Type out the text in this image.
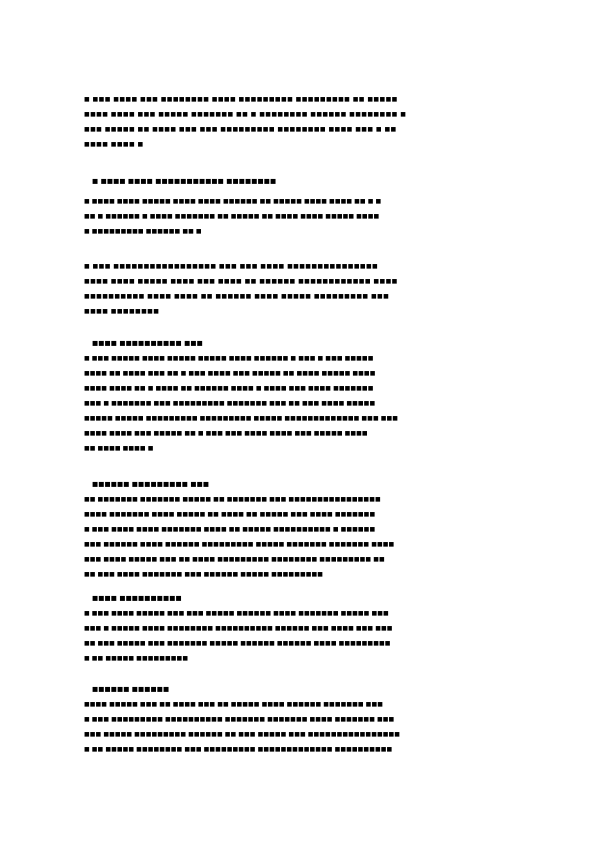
■ ■■■ ■■■■ ■■■ ■■■■■■■■ ■■■■ ■■■■■■■■■ ■■■■■■■■■ ■■ ■■■■■
■■■■ ■■■■ ■■■ ■■■■■ ■■■■■■■ ■■ ■ ■■■■■■■■ ■■■■■■ ■■■■■■■■ ■
■■■ ■■■■■ ■■ ■■■■ ■■■ ■■■ ■■■■■■■■■ ■■■■■■■■ ■■■■ ■■■ ■ ■■
■■■■ ■■■■ ■
■ ■■■■ ■■■■ ■■■■■■■■■■■ ■■■■■■■■
■ ■■■■ ■■■■ ■■■■■ ■■■■ ■■■■ ■■■■■■ ■■ ■■■■■ ■■■■ ■■■■ ■■ ■ ■
■■ ■ ■■■■■■ ■ ■■■■ ■■■■■■■ ■■ ■■■■■ ■■ ■■■■ ■■■■ ■■■■■ ■■■■
■ ■■■■■■■■■ ■■■■■■ ■■ ■
■ ■■■ ■■■■■■■■■■■■■■■■■ ■■■ ■■■ ■■■■ ■■■■■■■■■■■■■■■
■■■■ ■■■■ ■■■■■ ■■■■ ■■■ ■■■■ ■■ ■■■■■■ ■■■■■■■■■■■■ ■■■■
■■■■■■■■■■ ■■■■ ■■■■ ■■ ■■■■■■ ■■■■ ■■■■■ ■■■■■■■■■ ■■■
■■■■ ■■■■■■■■
■■■■ ■■■■■■■■■■ ■■■
■ ■■■ ■■■■■ ■■■■ ■■■■■ ■■■■■ ■■■■ ■■■■■■ ■ ■■■ ■ ■■■ ■■■■■
■■■■ ■■ ■■■■ ■■■ ■■ ■ ■■■ ■■■■ ■■■ ■■■■■ ■■ ■■■■ ■■■■■ ■■■■
■■■■ ■■■■ ■■ ■ ■■■■ ■■ ■■■■■■ ■■■■ ■ ■■■■ ■■■ ■■■■ ■■■■■■■
■■■ ■ ■■■■■■■ ■■■ ■■■■■■■■■ ■■■■■■■ ■■■ ■■ ■■■ ■■■■ ■■■■■
■■■■■ ■■■■■ ■■■■■■■■■ ■■■■■■■■■ ■■■■■ ■■■■■■■■■■■■■ ■■■ ■■■
■■■■ ■■■■ ■■■ ■■■■■ ■■ ■ ■■■ ■■■ ■■■■ ■■■■ ■■■ ■■■■■ ■■■■
■■ ■■■■ ■■■■ ■
■■■■■■ ■■■■■■■■■ ■■■
■■ ■■■■■■■ ■■■■■■■ ■■■■■ ■■ ■■■■■■■ ■■■ ■■■■■■■■■■■■■■■■
■■■■ ■■■■■■■ ■■■■ ■■■■■ ■■ ■■■■ ■■ ■■■■■ ■■■ ■■■■ ■■■■■■■
■ ■■■ ■■■■ ■■■■ ■■■■■■■ ■■■■ ■■ ■■■■■ ■■■■■■■■■■ ■ ■■■■■■
■■■ ■■■■■■ ■■■■ ■■■■■■ ■■■■■■■■■ ■■■■■ ■■■■■■■ ■■■■■■■ ■■■■
■■■ ■■■■ ■■■■■ ■■■ ■■ ■■■■ ■■■■■■■■■ ■■■■■■■■ ■■■■■■■■■ ■■
■■ ■■■ ■■■■ ■■■■■■■ ■■■ ■■■■■■ ■■■■■ ■■■■■■■■■
■■■■ ■■■■■■■■■■
■ ■■■ ■■■■ ■■■■■ ■■■ ■■■ ■■■■■ ■■■■■■ ■■■■ ■■■■■■■ ■■■■■ ■■■
■■■ ■ ■■■■■ ■■■■ ■■■■■■■■ ■■■■■■■■■■ ■■■■■■ ■■■ ■■■■ ■■■ ■■■
■■ ■■■ ■■■■■ ■■■ ■■■■■■■ ■■■■■ ■■■■■■ ■■■■■■ ■■■■ ■■■■■■■■■
■ ■■ ■■■■■ ■■■■■■■■■
■■■■■■ ■■■■■■
■■■■ ■■■■■ ■■■ ■■ ■■■■ ■■■ ■■ ■■■■■ ■■■■ ■■■■■■ ■■■■■■■ ■■■
■ ■■■ ■■■■■■■■■ ■■■■■■■■■■ ■■■■■■■ ■■■■■■■ ■■■■ ■■■■■■■ ■■■
■■■ ■■■■■ ■■■■■■■■■ ■■■■■■ ■■ ■■■ ■■■■■ ■■■ ■■■■■■■■■■■■■■■■
■ ■■ ■■■■■ ■■■■■■■■ ■■■ ■■■■■■■■■ ■■■■■■■■■■■■■ ■■■■■■■■■■
